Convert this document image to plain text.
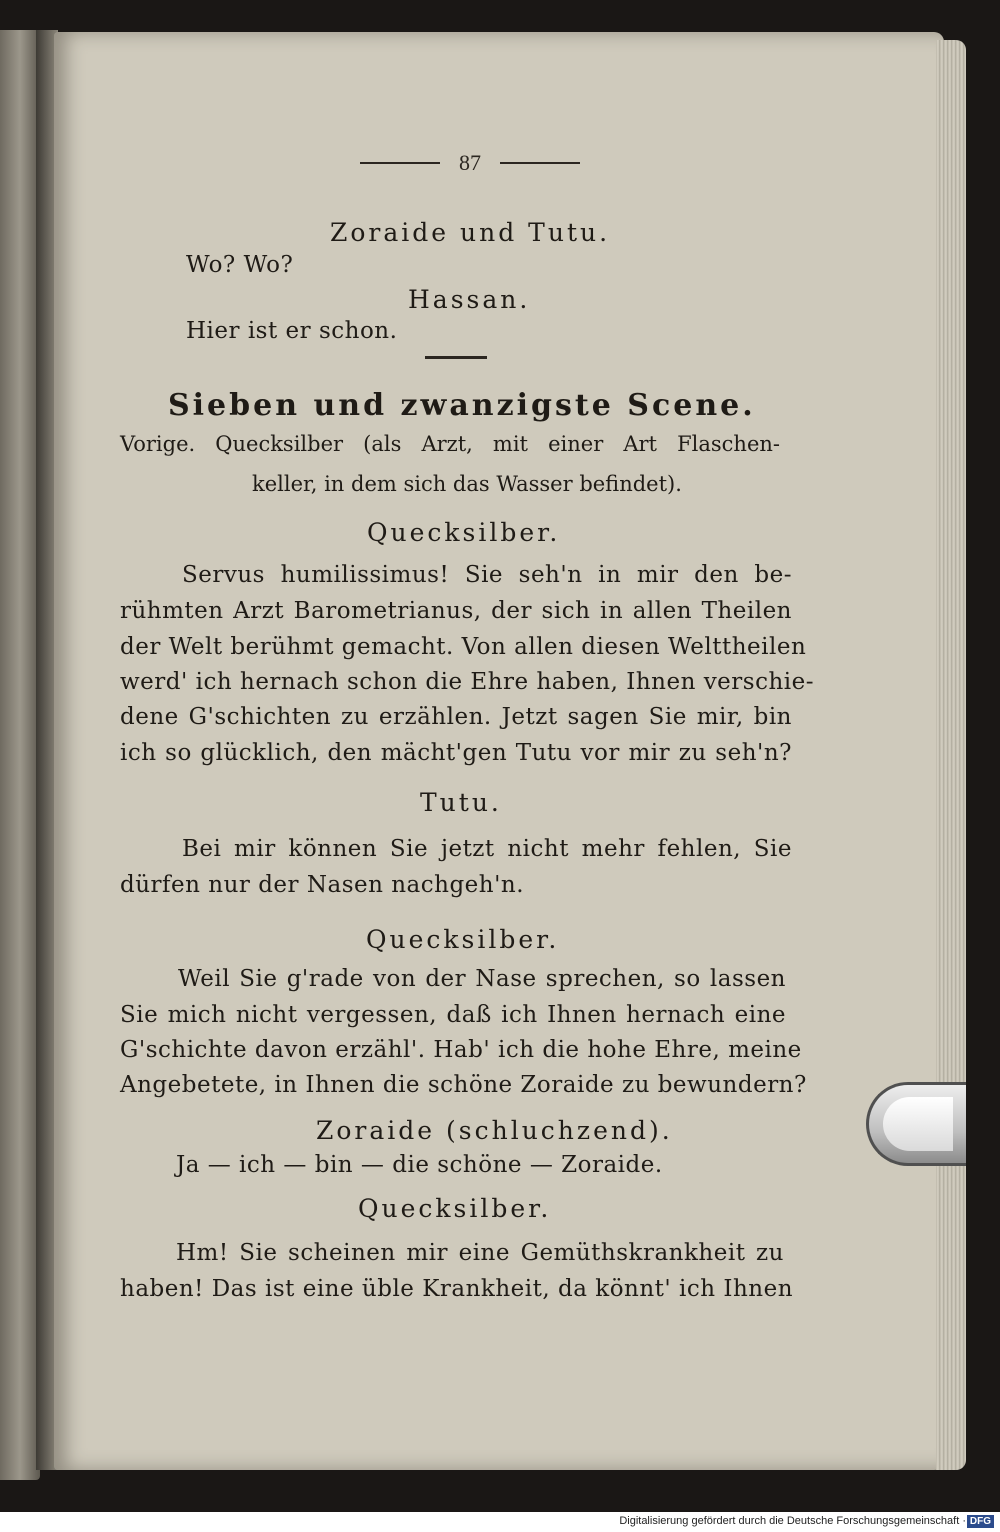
87
Zoraide und Tutu.
Wo? Wo?
Hassan.
Hier ist er schon.
Sieben und zwanzigste Scene.
Vorige. Quecksilber (als Arzt, mit einer Art Flaschen-
keller, in dem sich das Wasser befindet).
Quecksilber.
Servus humilissimus! Sie seh'n in mir den be-
rühmten Arzt Barometrianus, der sich in allen Theilen
der Welt berühmt gemacht. Von allen diesen Welttheilen
werd' ich hernach schon die Ehre haben, Ihnen verschie-
dene G'schichten zu erzählen. Jetzt sagen Sie mir, bin
ich so glücklich, den mächt'gen Tutu vor mir zu seh'n?
Tutu.
Bei mir können Sie jetzt nicht mehr fehlen, Sie
dürfen nur der Nasen nachgeh'n.
Quecksilber.
Weil Sie g'rade von der Nase sprechen, so lassen
Sie mich nicht vergessen, daß ich Ihnen hernach eine
G'schichte davon erzähl'. Hab' ich die hohe Ehre, meine
Angebetete, in Ihnen die schöne Zoraide zu bewundern?
Zoraide (schluchzend).
Ja — ich — bin — die schöne — Zoraide.
Quecksilber.
Hm! Sie scheinen mir eine Gemüthskrankheit zu
haben! Das ist eine üble Krankheit, da könnt' ich Ihnen
Digitalisierung gefördert durch die Deutsche Forschungsgemeinschaft · DFG
